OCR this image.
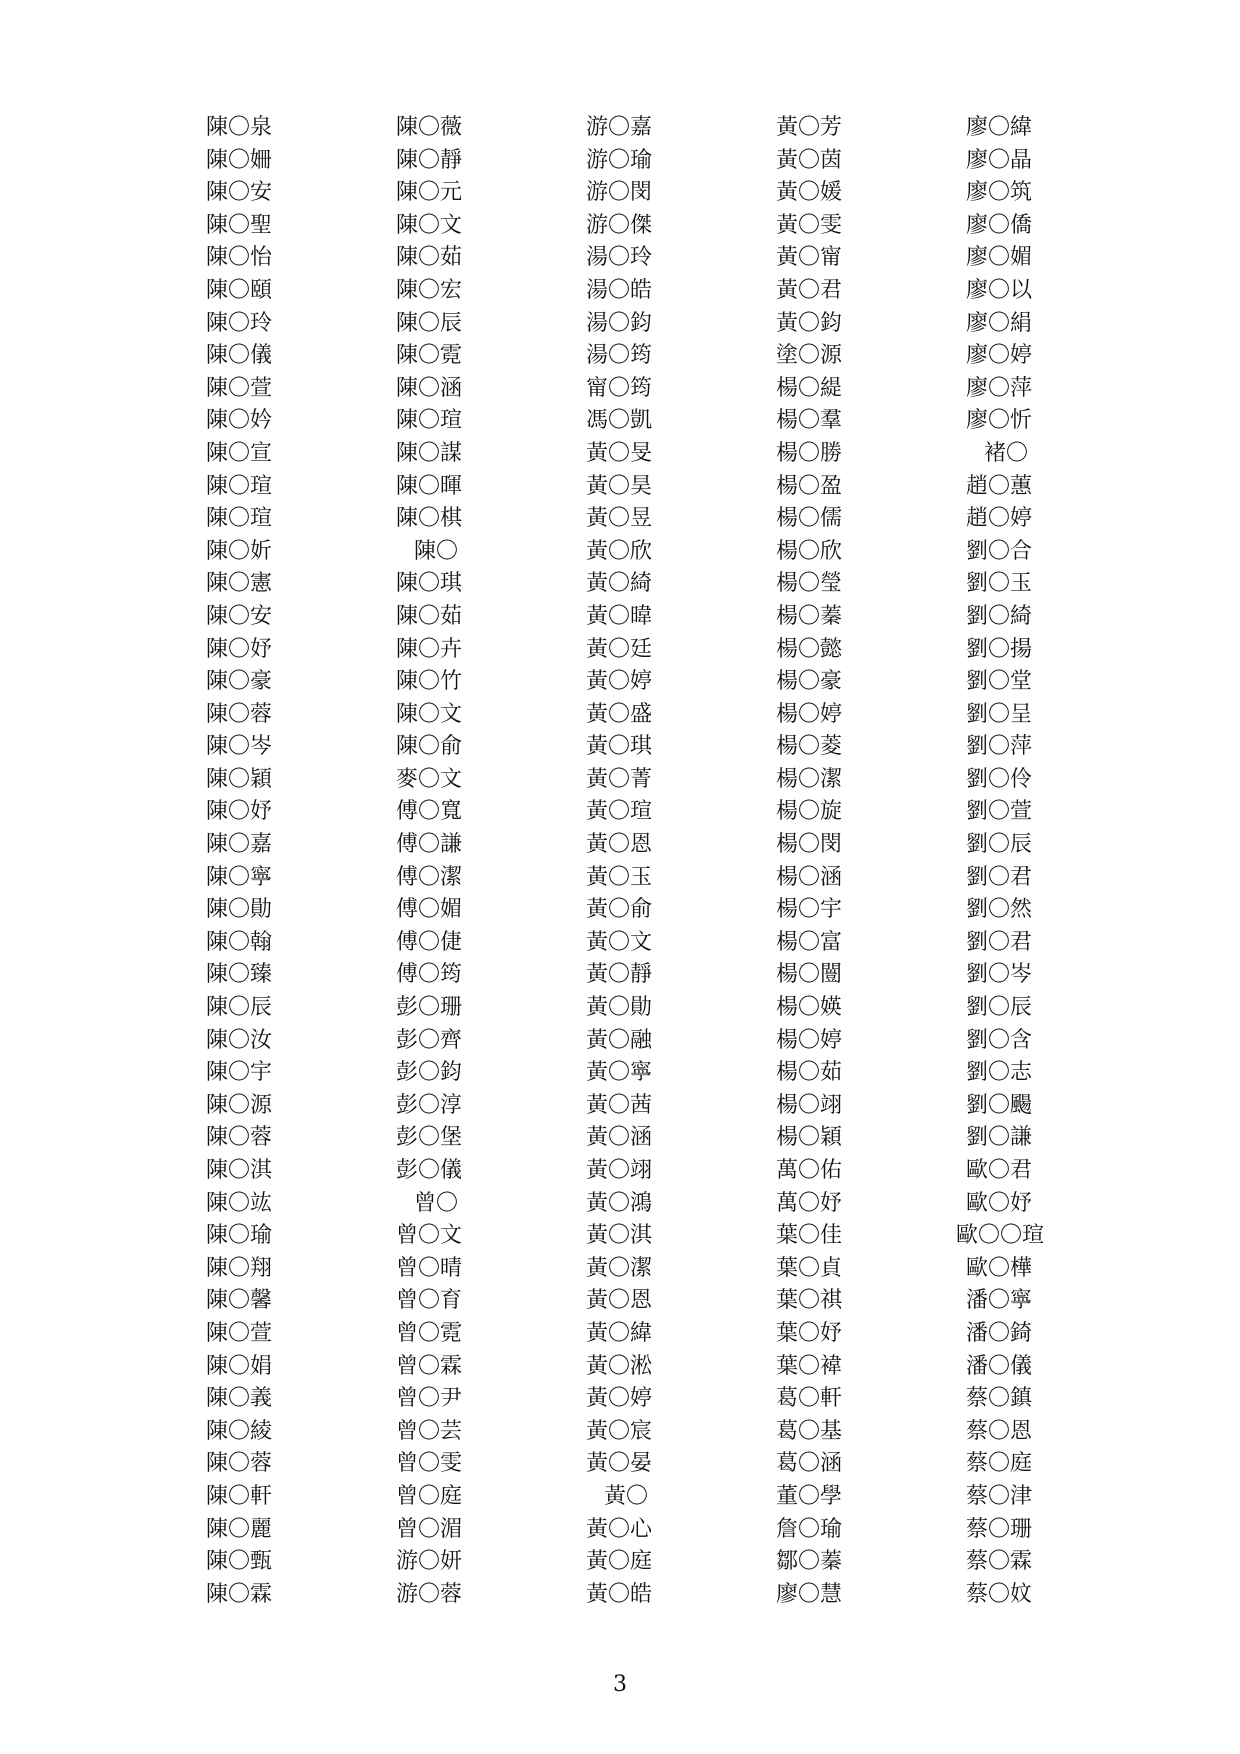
陳〇泉	陳〇薇	游〇嘉	黃〇芳	廖〇緯
陳〇姍	陳〇靜	游〇瑜	黃〇茵	廖〇晶
陳〇安	陳〇元	游〇閔	黃〇媛	廖〇筑
陳〇聖	陳〇文	游〇傑	黃〇雯	廖〇僑
陳〇怡	陳〇茹	湯〇玲	黃〇甯	廖〇媚
陳〇頤	陳〇宏	湯〇皓	黃〇君	廖〇以
陳〇玲	陳〇辰	湯〇鈞	黃〇鈞	廖〇絹
陳〇儀	陳〇霓	湯〇筠	塗〇源	廖〇婷
陳〇萱	陳〇涵	甯〇筠	楊〇緹	廖〇萍
陳〇妗	陳〇瑄	馮〇凱	楊〇羣	廖〇忻
陳〇宣	陳〇謀	黃〇旻	楊〇勝	褚〇
陳〇瑄	陳〇暉	黃〇昊	楊〇盈	趙〇蕙
陳〇瑄	陳〇棋	黃〇昱	楊〇儒	趙〇婷
陳〇妡	陳〇	黃〇欣	楊〇欣	劉〇合
陳〇憲	陳〇琪	黃〇綺	楊〇瑩	劉〇玉
陳〇安	陳〇茹	黃〇暐	楊〇蓁	劉〇綺
陳〇妤	陳〇卉	黃〇廷	楊〇懿	劉〇揚
陳〇豪	陳〇竹	黃〇婷	楊〇豪	劉〇堂
陳〇蓉	陳〇文	黃〇盛	楊〇婷	劉〇呈
陳〇岑	陳〇俞	黃〇琪	楊〇菱	劉〇萍
陳〇穎	麥〇文	黃〇菁	楊〇潔	劉〇伶
陳〇妤	傅〇寬	黃〇瑄	楊〇旋	劉〇萱
陳〇嘉	傅〇謙	黃〇恩	楊〇閔	劉〇辰
陳〇寧	傅〇潔	黃〇玉	楊〇涵	劉〇君
陳〇勛	傅〇媚	黃〇俞	楊〇宇	劉〇然
陳〇翰	傅〇倢	黃〇文	楊〇富	劉〇君
陳〇臻	傅〇筠	黃〇靜	楊〇闓	劉〇岑
陳〇辰	彭〇珊	黃〇勛	楊〇媖	劉〇辰
陳〇汝	彭〇齊	黃〇融	楊〇婷	劉〇含
陳〇宇	彭〇鈞	黃〇寧	楊〇茹	劉〇志
陳〇源	彭〇淳	黃〇茜	楊〇翊	劉〇颺
陳〇蓉	彭〇堡	黃〇涵	楊〇穎	劉〇謙
陳〇淇	彭〇儀	黃〇翊	萬〇佑	歐〇君
陳〇竑	曾〇	黃〇鴻	萬〇妤	歐〇妤
陳〇瑜	曾〇文	黃〇淇	葉〇佳	歐〇〇瑄
陳〇翔	曾〇晴	黃〇潔	葉〇貞	歐〇樺
陳〇馨	曾〇育	黃〇恩	葉〇祺	潘〇寧
陳〇萱	曾〇霓	黃〇緯	葉〇妤	潘〇錡
陳〇娟	曾〇霖	黃〇淞	葉〇褘	潘〇儀
陳〇義	曾〇尹	黃〇婷	葛〇軒	蔡〇鎮
陳〇綾	曾〇芸	黃〇宸	葛〇基	蔡〇恩
陳〇蓉	曾〇雯	黃〇晏	葛〇涵	蔡〇庭
陳〇軒	曾〇庭	黃〇	董〇學	蔡〇津
陳〇麗	曾〇湄	黃〇心	詹〇瑜	蔡〇珊
陳〇甄	游〇妍	黃〇庭	鄒〇蓁	蔡〇霖
陳〇霖	游〇蓉	黃〇皓	廖〇慧	蔡〇妏
3
